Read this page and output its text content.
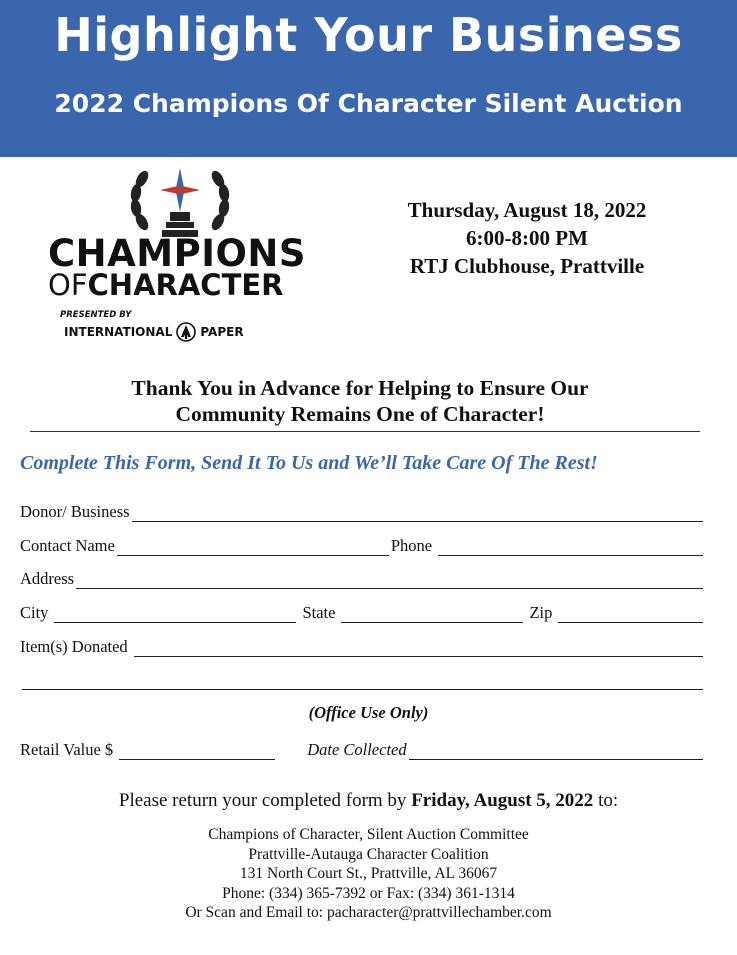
Highlight Your Business
2022 Champions Of Character Silent Auction
CHAMPIONS
OFCHARACTER
PRESENTED BY
INTERNATIONAL PAPER
Thursday, August 18, 2022
6:00-8:00 PM
RTJ Clubhouse, Prattville
Thank You in Advance for Helping to Ensure Our
Community Remains One of Character!
Complete This Form, Send It To Us and We’ll Take Care Of The Rest!
Donor/ Business
Contact Name	Phone
Address
City	State	Zip
Item(s) Donated
(Office Use Only)
Retail Value $	Date Collected
Please return your completed form by Friday, August 5, 2022 to:
Champions of Character, Silent Auction Committee
Prattville-Autauga Character Coalition
131 North Court St., Prattville, AL 36067
Phone: (334) 365-7392 or Fax: (334) 361-1314
Or Scan and Email to: pacharacter@prattvillechamber.com
